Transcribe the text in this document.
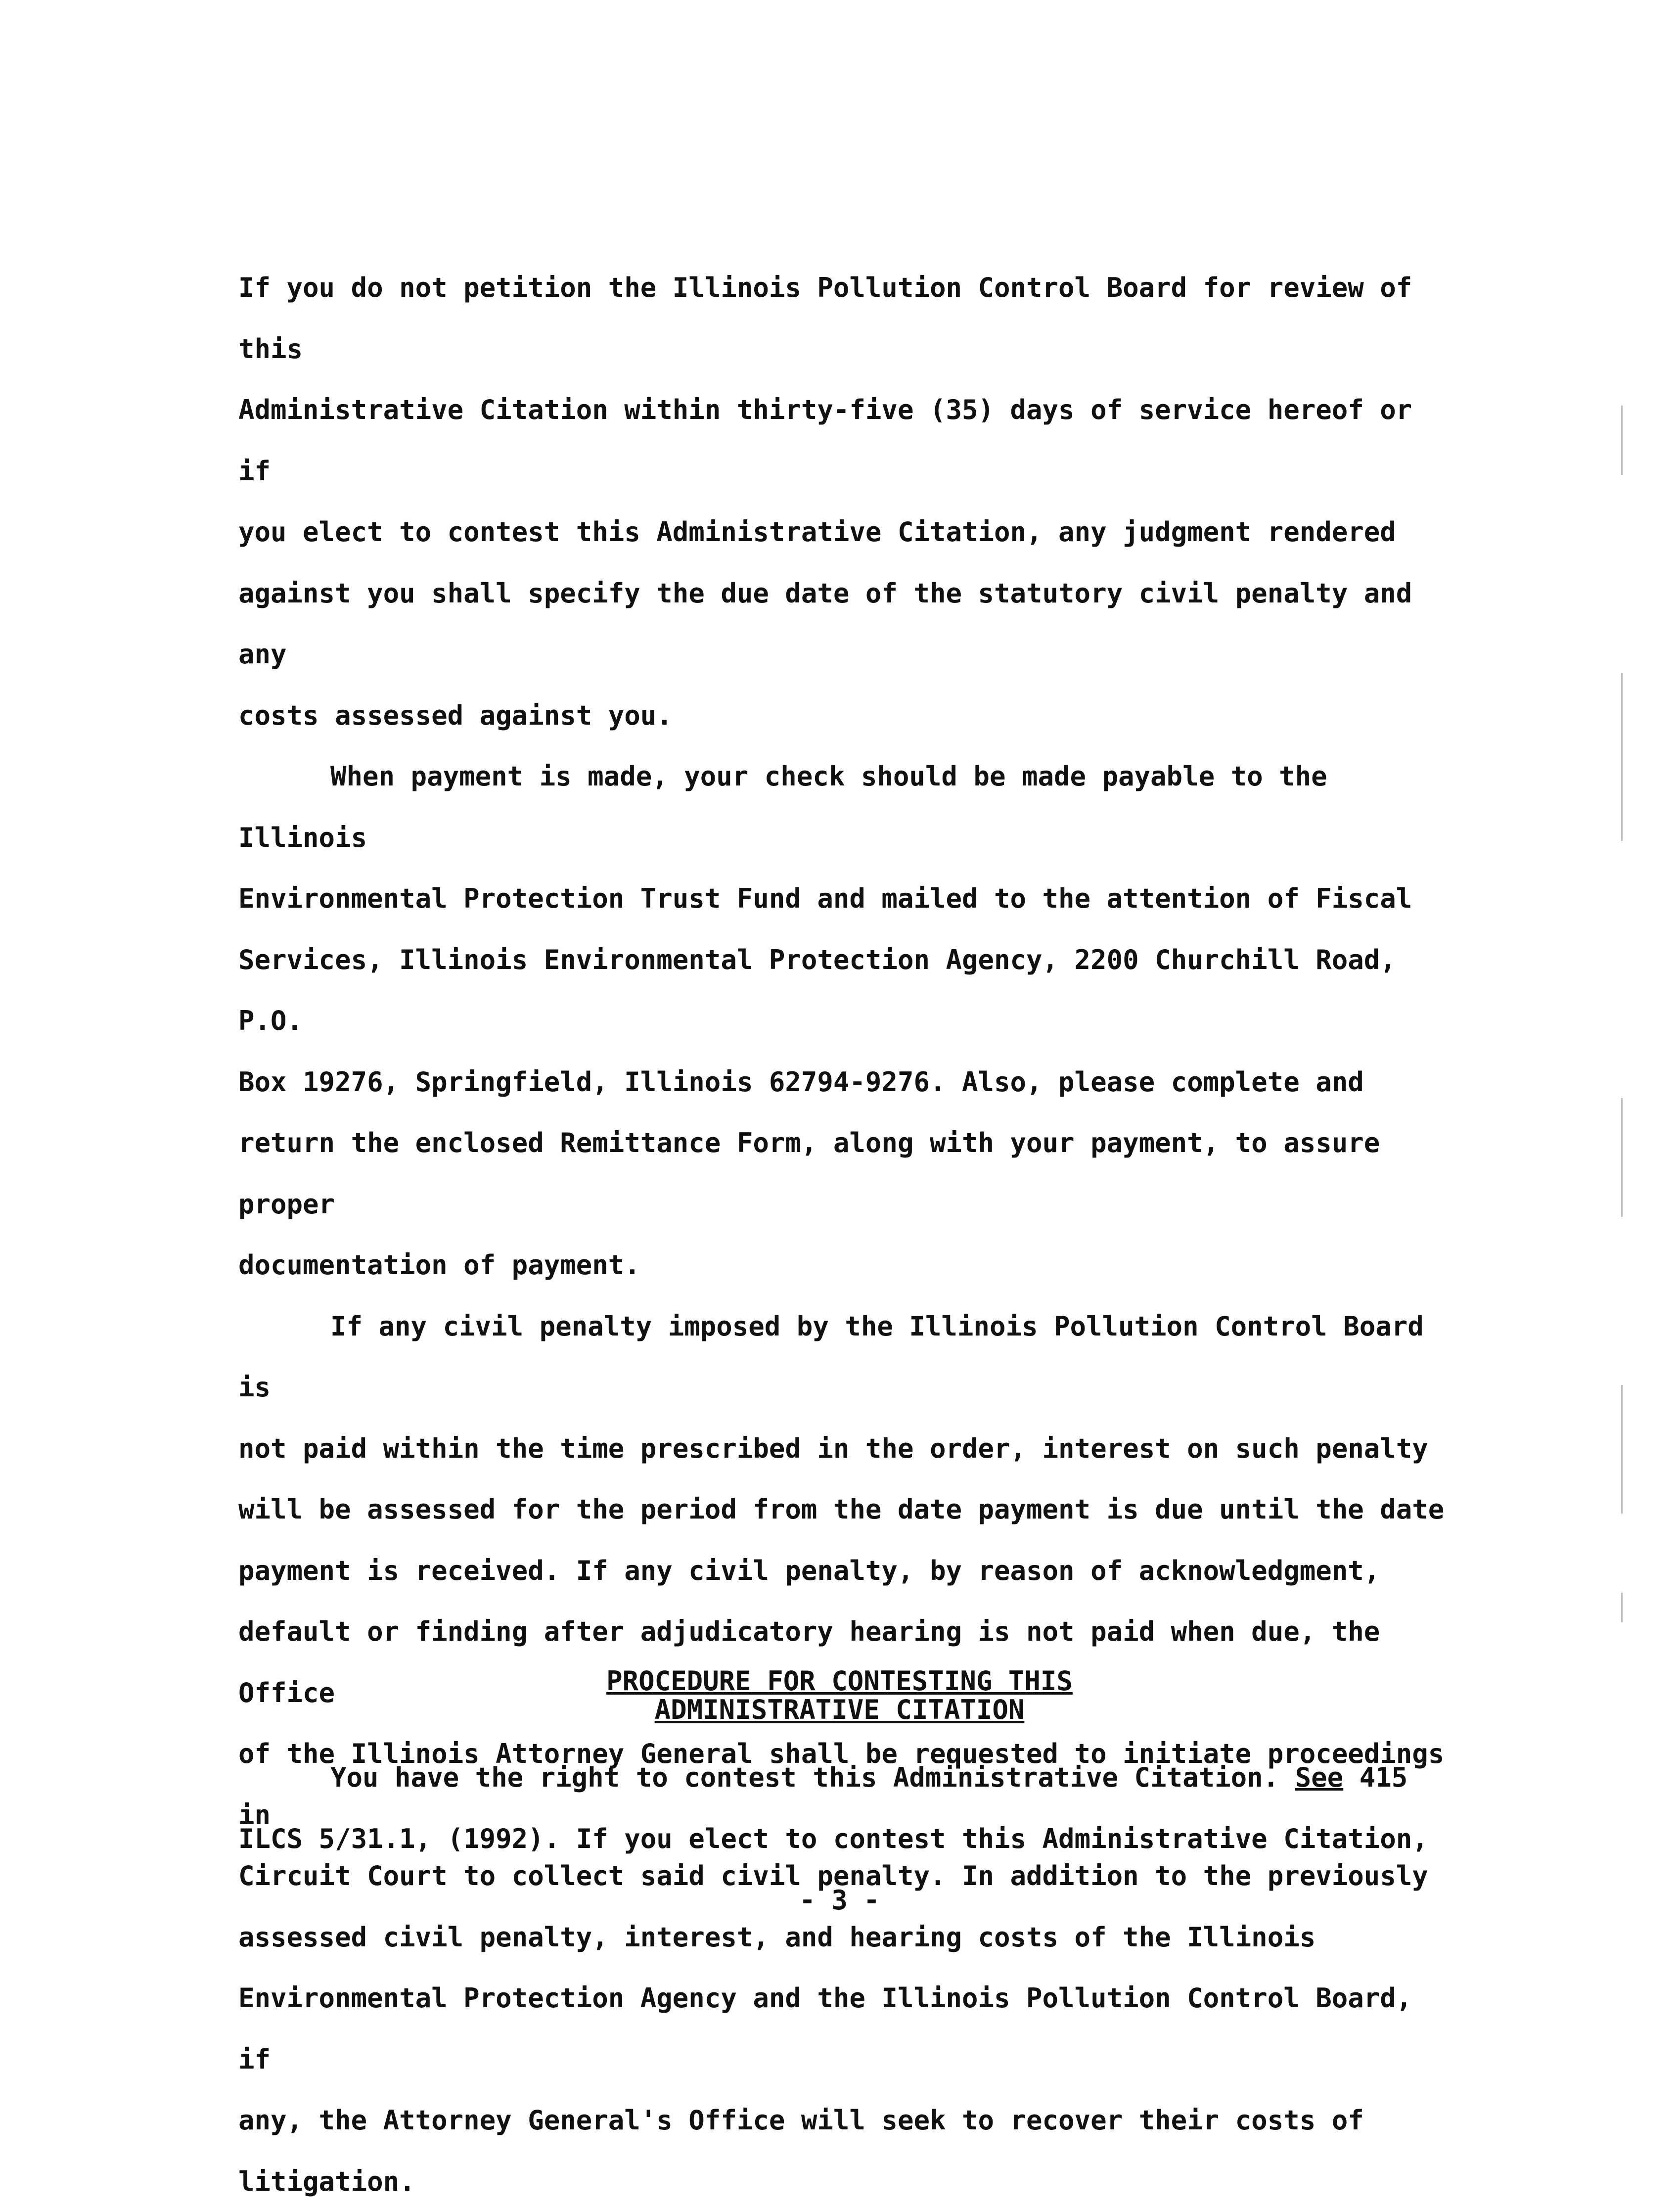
If you do not petition the Illinois Pollution Control Board for review of this
Administrative Citation within thirty-five (35) days of service hereof or if
you elect to contest this Administrative Citation, any judgment rendered
against you shall specify the due date of the statutory civil penalty and any
costs assessed against you.

When payment is made, your check should be made payable to the Illinois
Environmental Protection Trust Fund and mailed to the attention of Fiscal
Services, Illinois Environmental Protection Agency, 2200 Churchill Road, P.O.
Box 19276, Springfield, Illinois 62794-9276. Also, please complete and
return the enclosed Remittance Form, along with your payment, to assure proper
documentation of payment.

If any civil penalty imposed by the Illinois Pollution Control Board is
not paid within the time prescribed in the order, interest on such penalty
will be assessed for the period from the date payment is due until the date
payment is received. If any civil penalty, by reason of acknowledgment,
default or finding after adjudicatory hearing is not paid when due, the Office
of the Illinois Attorney General shall be requested to initiate proceedings in
Circuit Court to collect said civil penalty. In addition to the previously
assessed civil penalty, interest, and hearing costs of the Illinois
Environmental Protection Agency and the Illinois Pollution Control Board, if
any, the Attorney General's Office will seek to recover their costs of
litigation.

PROCEDURE FOR CONTESTING THIS
ADMINISTRATIVE CITATION

You have the right to contest this Administrative Citation. See 415
ILCS 5/31.1, (1992). If you elect to contest this Administrative Citation,

- 3 -
